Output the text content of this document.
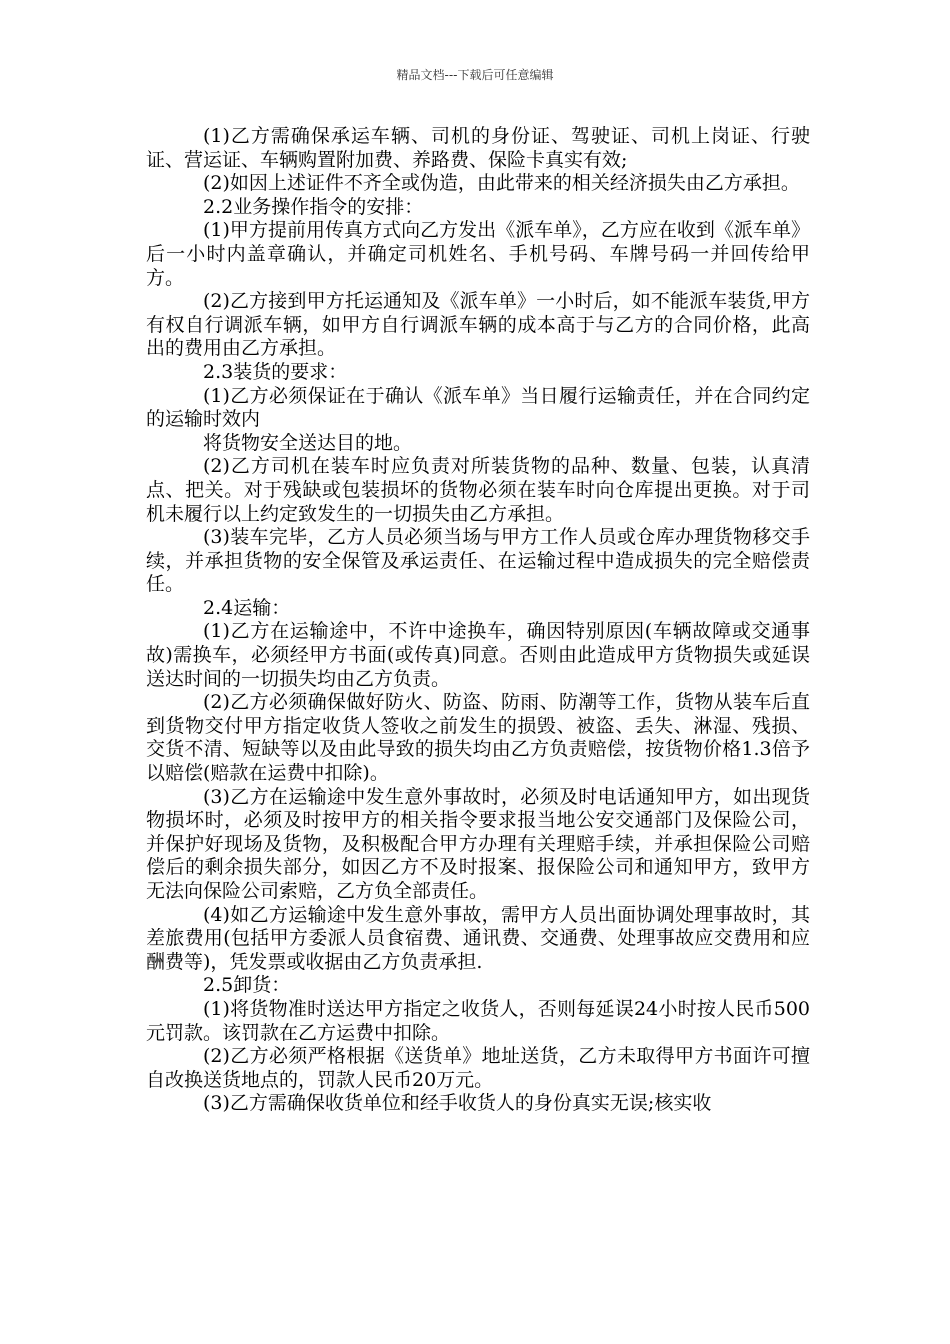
精品文档---下载后可任意编辑

(1)乙方需确保承运车辆、司机的身份证、驾驶证、司机上岗证、行驶证、营运证、车辆购置附加费、养路费、保险卡真实有效;

(2)如因上述证件不齐全或伪造，由此带来的相关经济损失由乙方承担。

2.2业务操作指令的安排：

(1)甲方提前用传真方式向乙方发出《派车单》，乙方应在收到《派车单》后一小时内盖章确认，并确定司机姓名、手机号码、车牌号码一并回传给甲方。

(2)乙方接到甲方托运通知及《派车单》一小时后，如不能派车装货,甲方有权自行调派车辆，如甲方自行调派车辆的成本高于与乙方的合同价格，此高出的费用由乙方承担。

2.3装货的要求：

(1)乙方必须保证在于确认《派车单》当日履行运输责任，并在合同约定的运输时效内

将货物安全送达目的地。

(2)乙方司机在装车时应负责对所装货物的品种、数量、包装，认真清点、把关。对于残缺或包装损坏的货物必须在装车时向仓库提出更换。对于司机未履行以上约定致发生的一切损失由乙方承担。

(3)装车完毕，乙方人员必须当场与甲方工作人员或仓库办理货物移交手续，并承担货物的安全保管及承运责任、在运输过程中造成损失的完全赔偿责任。

2.4运输：

(1)乙方在运输途中，不许中途换车，确因特别原因(车辆故障或交通事故)需换车，必须经甲方书面(或传真)同意。否则由此造成甲方货物损失或延误送达时间的一切损失均由乙方负责。

(2)乙方必须确保做好防火、防盗、防雨、防潮等工作，货物从装车后直到货物交付甲方指定收货人签收之前发生的损毁、被盗、丢失、淋湿、残损、交货不清、短缺等以及由此导致的损失均由乙方负责赔偿，按货物价格1.3倍予以赔偿(赔款在运费中扣除)。

(3)乙方在运输途中发生意外事故时，必须及时电话通知甲方，如出现货物损坏时，必须及时按甲方的相关指令要求报当地公安交通部门及保险公司，并保护好现场及货物，及积极配合甲方办理有关理赔手续，并承担保险公司赔偿后的剩余损失部分，如因乙方不及时报案、报保险公司和通知甲方，致甲方无法向保险公司索赔，乙方负全部责任。

(4)如乙方运输途中发生意外事故，需甲方人员出面协调处理事故时，其差旅费用(包括甲方委派人员食宿费、通讯费、交通费、处理事故应交费用和应酬费等)，凭发票或收据由乙方负责承担.

2.5卸货：

(1)将货物准时送达甲方指定之收货人，否则每延误24小时按人民币500元罚款。该罚款在乙方运费中扣除。

(2)乙方必须严格根据《送货单》地址送货，乙方未取得甲方书面许可擅自改换送货地点的，罚款人民币20万元。

(3)乙方需确保收货单位和经手收货人的身份真实无误;核实收
